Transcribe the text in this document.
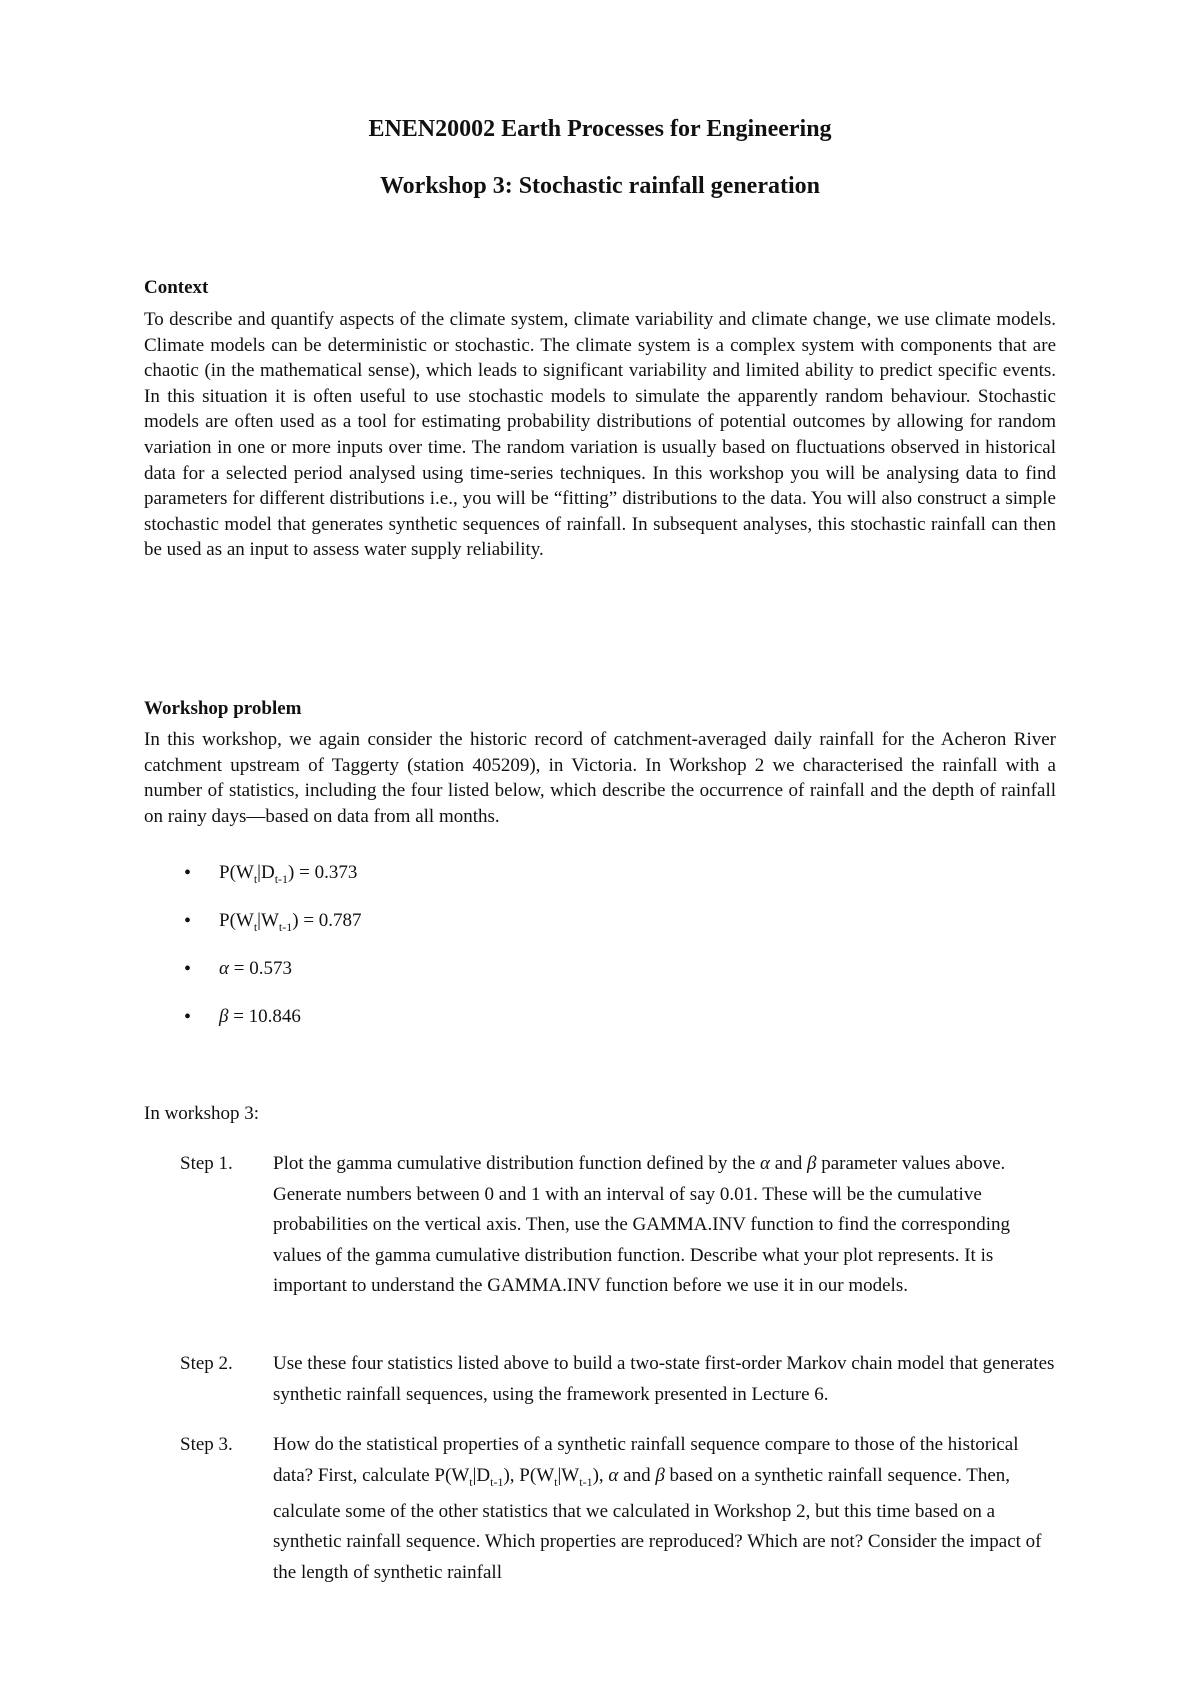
ENEN20002 Earth Processes for Engineering
Workshop 3: Stochastic rainfall generation
Context

To describe and quantify aspects of the climate system, climate variability and climate change, we use climate models. Climate models can be deterministic or stochastic. The climate system is a complex system with components that are chaotic (in the mathematical sense), which leads to significant variability and limited ability to predict specific events. In this situation it is often useful to use stochastic models to simulate the apparently random behaviour. Stochastic models are often used as a tool for estimating probability distributions of potential outcomes by allowing for random variation in one or more inputs over time. The random variation is usually based on fluctuations observed in historical data for a selected period analysed using time-series techniques. In this workshop you will be analysing data to find parameters for different distributions i.e., you will be “fitting” distributions to the data. You will also construct a simple stochastic model that generates synthetic sequences of rainfall. In subsequent analyses, this stochastic rainfall can then be used as an input to assess water supply reliability.

Workshop problem

In this workshop, we again consider the historic record of catchment-averaged daily rainfall for the Acheron River catchment upstream of Taggerty (station 405209), in Victoria. In Workshop 2 we characterised the rainfall with a number of statistics, including the four listed below, which describe the occurrence of rainfall and the depth of rainfall on rainy days—based on data from all months.

• $P(W_t|D_{t-1}) = 0.373$
• $P(W_t|W_{t-1}) = 0.787$
• α = 0.573
• β = 10.846
In workshop 3:
Step 1. Plot the gamma cumulative distribution function defined by the α and β parameter values above. Generate numbers between 0 and 1 with an interval of say 0.01. These will be the cumulative probabilities on the vertical axis. Then, use the GAMMA.INV function to find the corresponding values of the gamma cumulative distribution function. Describe what your plot represents. It is important to understand the GAMMA.INV function before we use it in our models.
Step 2. Use these four statistics listed above to build a two-state first-order Markov chain model that generates synthetic rainfall sequences, using the framework presented in Lecture 6.
Step 3. How do the statistical properties of a synthetic rainfall sequence compare to those of the historical data? First, calculate $P(W_t|D_{t-1})$, $P(W_t|W_{t-1})$, α and β based on a synthetic rainfall sequence. Then, calculate some of the other statistics that we calculated in Workshop 2, but this time based on a synthetic rainfall sequence. Which properties are reproduced? Which are not? Consider the impact of the length of synthetic rainfall
